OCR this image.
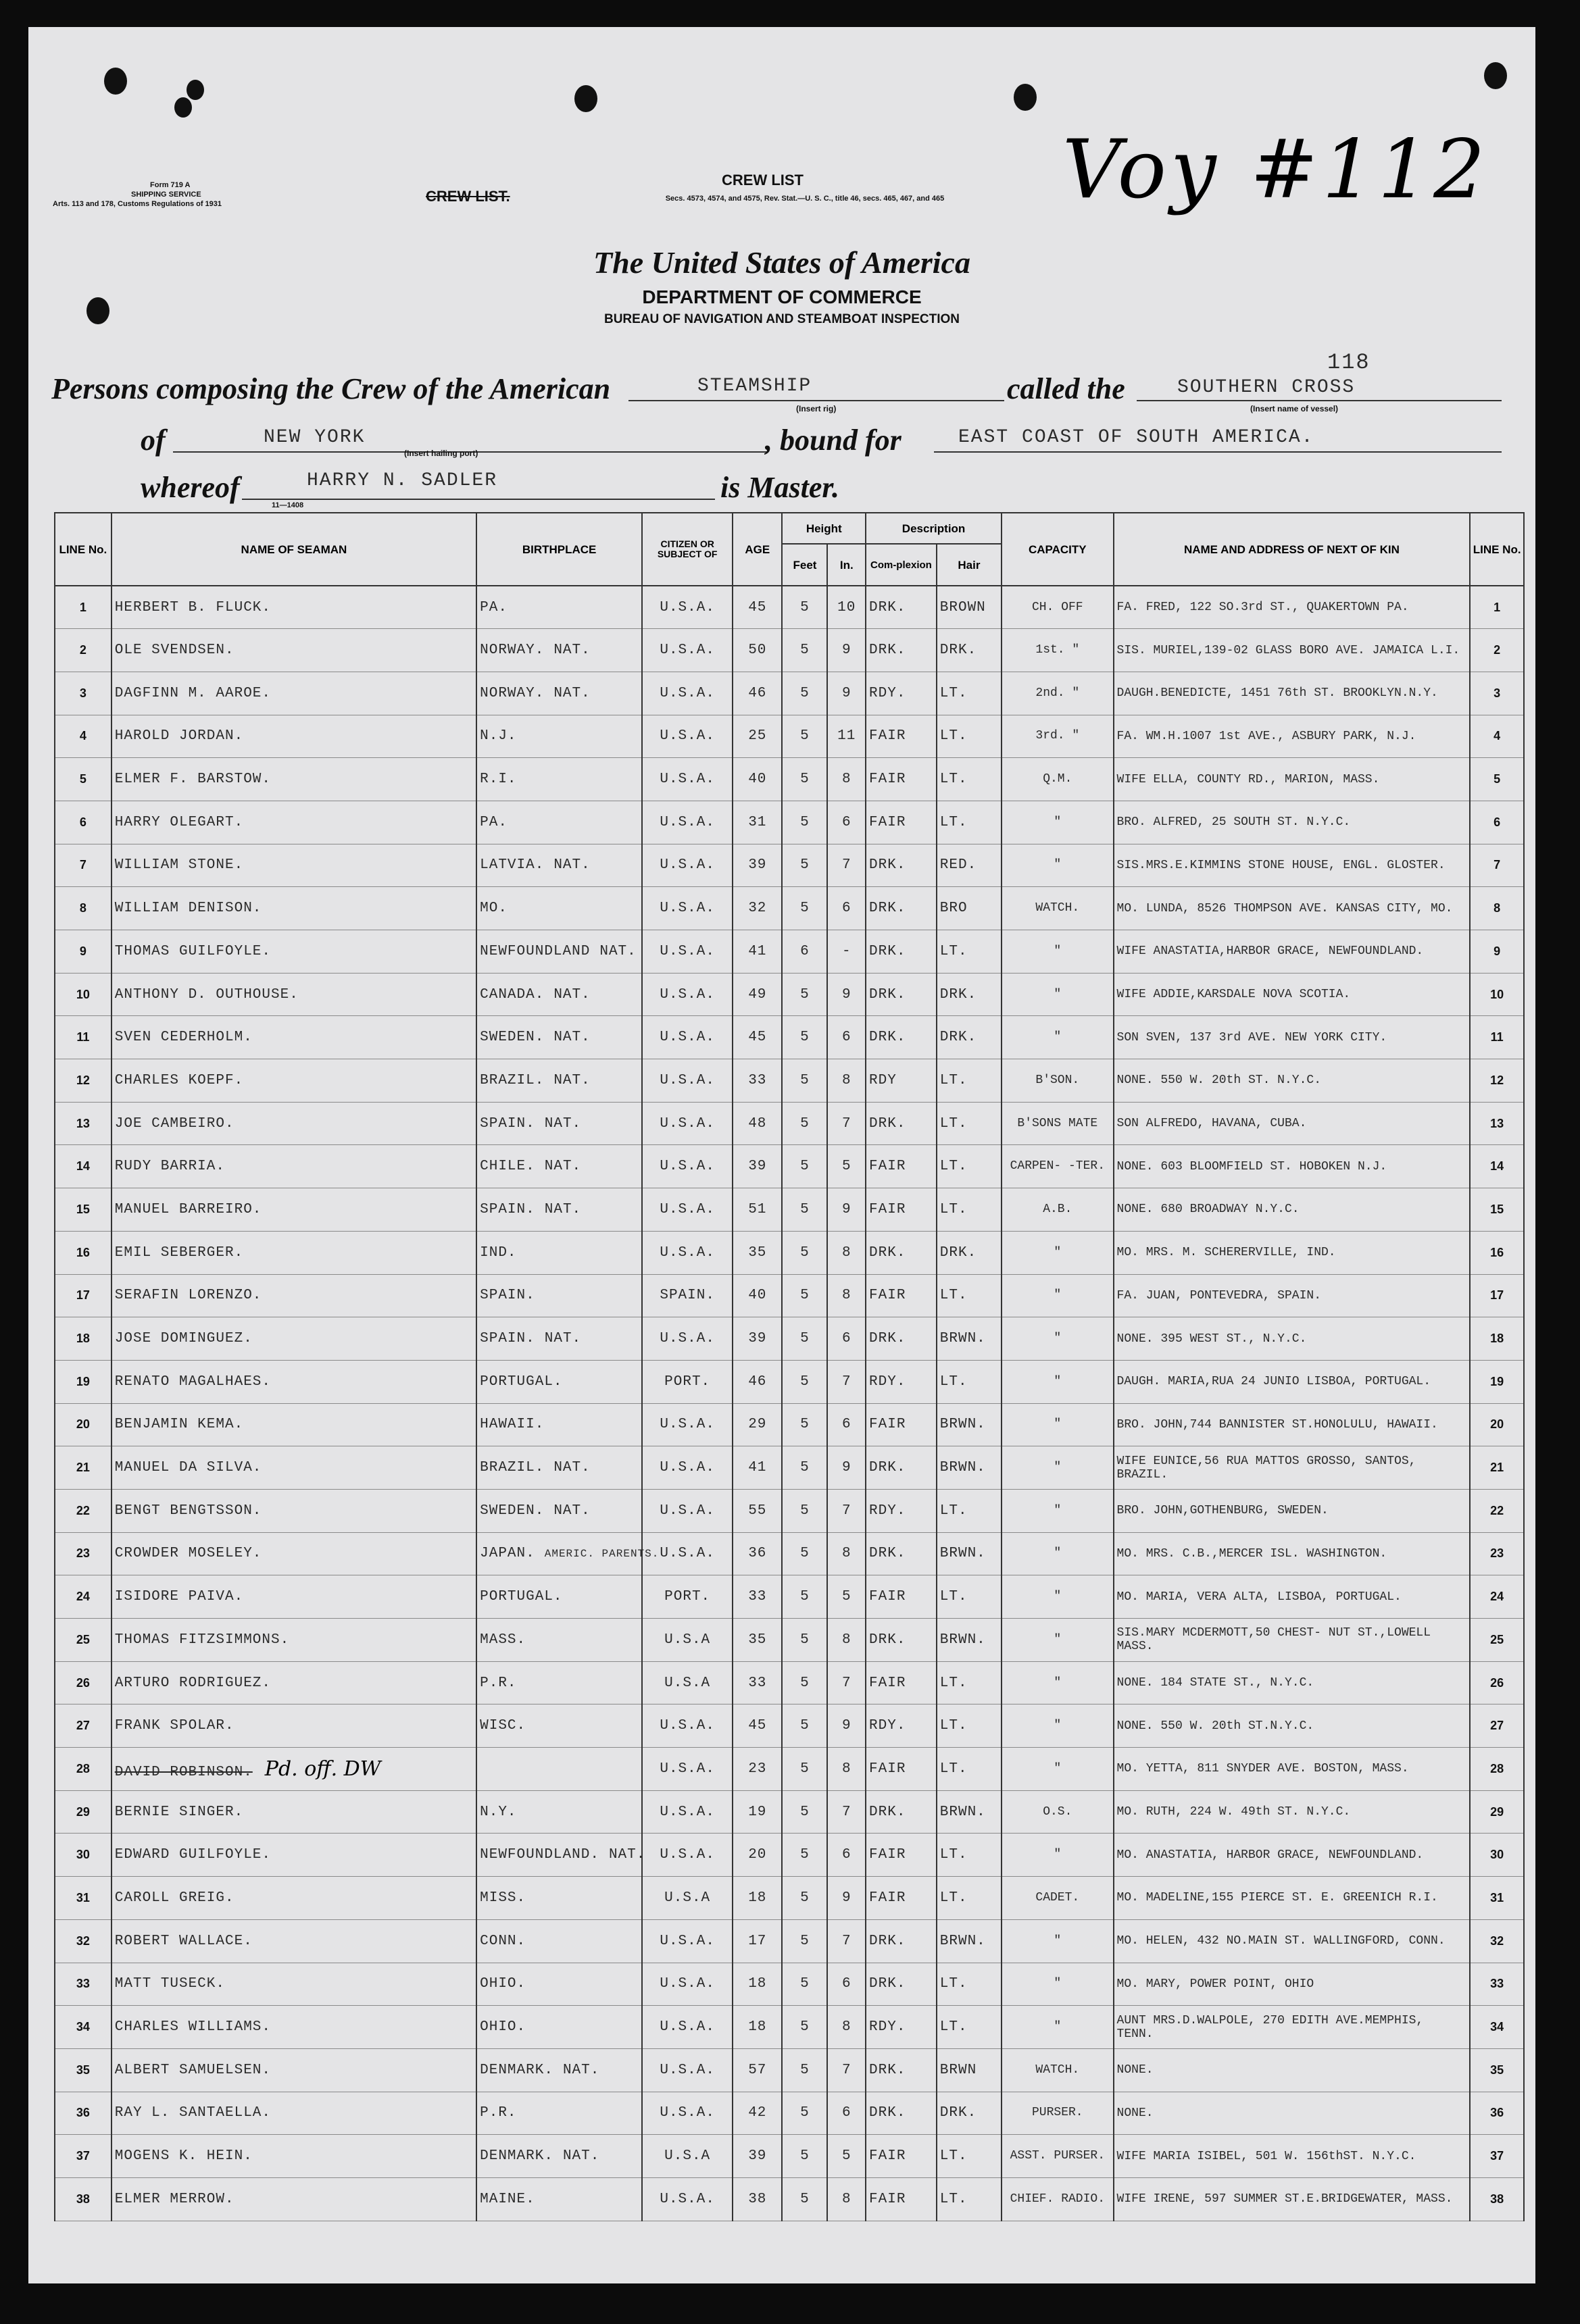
Form 719 A
SHIPPING SERVICE
Arts. 113 and 178, Customs Regulations of 1931	CREW LIST.
CREW LIST
Secs. 4573, 4574, and 4575, Rev. Stat.—U. S. C., title 46, secs. 465, 467, and 465 Voy #112
The United States of America
DEPARTMENT OF COMMERCE
BUREAU OF NAVIGATION AND STEAMBOAT INSPECTION
Persons composing the Crew of the American	STEAMSHIP
(Insert rig)
called the	SOUTHERN CROSS
118
(Insert name of vessel)
of	NEW YORK
(Insert hailing port)	, bound for	EAST COAST OF SOUTH AMERICA.
whereof	HARRY N. SADLER	is Master.
11—1408
LINE No.	NAME OF SEAMAN	BIRTHPLACE	CITIZEN OR SUBJECT OF	AGE	Height		Description		CAPACITY	NAME AND ADDRESS OF NEXT OF KIN	LINE No.
					Feet	In.	Com-plexion	Hair			
1	HERBERT B. FLUCK.	PA.	U.S.A.	45	5	10	DRK.	BROWN	CH. OFF	FA. FRED, 122 SO.3rd ST., QUAKERTOWN PA.	1
2	OLE SVENDSEN.	NORWAY. NAT.	U.S.A.	50	5	9	DRK.	DRK.	1st. "	SIS. MURIEL,139-02 GLASS BORO AVE. JAMAICA L.I.	2
3	DAGFINN M. AAROE.	NORWAY. NAT.	U.S.A.	46	5	9	RDY.	LT.	2nd. "	DAUGH.BENEDICTE, 1451 76th ST. BROOKLYN.N.Y.	3
4	HAROLD JORDAN.	N.J.	U.S.A.	25	5	11	FAIR	LT.	3rd. "	FA. WM.H.1007 1st AVE., ASBURY PARK, N.J.	4
5	ELMER F. BARSTOW.	R.I.	U.S.A.	40	5	8	FAIR	LT.	Q.M.	WIFE ELLA, COUNTY RD., MARION, MASS.	5
6	HARRY OLEGART.	PA.	U.S.A.	31	5	6	FAIR	LT.	"	BRO. ALFRED, 25 SOUTH ST. N.Y.C.	6
7	WILLIAM STONE.	LATVIA. NAT.	U.S.A.	39	5	7	DRK.	RED.	"	SIS.MRS.E.KIMMINS STONE HOUSE, ENGL. GLOSTER.	7
8	WILLIAM DENISON.	MO.	U.S.A.	32	5	6	DRK.	BRO	WATCH.	MO. LUNDA, 8526 THOMPSON AVE. KANSAS CITY, MO.	8
9	THOMAS GUILFOYLE.	NEWFOUNDLAND NAT.	U.S.A.	41	6	-	DRK.	LT.	"	WIFE ANASTATIA,HARBOR GRACE, NEWFOUNDLAND.	9
10	ANTHONY D. OUTHOUSE.	CANADA. NAT.	U.S.A.	49	5	9	DRK.	DRK.	"	WIFE ADDIE,KARSDALE NOVA SCOTIA.	10
11	SVEN CEDERHOLM.	SWEDEN. NAT.	U.S.A.	45	5	6	DRK.	DRK.	"	SON SVEN, 137 3rd AVE. NEW YORK CITY.	11
12	CHARLES KOEPF.	BRAZIL. NAT.	U.S.A.	33	5	8	RDY	LT.	B'SON.	NONE. 550 W. 20th ST. N.Y.C.	12
13	JOE CAMBEIRO.	SPAIN. NAT.	U.S.A.	48	5	7	DRK.	LT.	B'SONS MATE	SON ALFREDO, HAVANA, CUBA.	13
14	RUDY BARRIA.	CHILE. NAT.	U.S.A.	39	5	5	FAIR	LT.	CARPEN- -TER.	NONE. 603 BLOOMFIELD ST. HOBOKEN N.J.	14
15	MANUEL BARREIRO.	SPAIN. NAT.	U.S.A.	51	5	9	FAIR	LT.	A.B.	NONE. 680 BROADWAY N.Y.C.	15
16	EMIL SEBERGER.	IND.	U.S.A.	35	5	8	DRK.	DRK.	"	MO. MRS. M. SCHERERVILLE, IND.	16
17	SERAFIN LORENZO.	SPAIN.	SPAIN.	40	5	8	FAIR	LT.	"	FA. JUAN, PONTEVEDRA, SPAIN.	17
18	JOSE DOMINGUEZ.	SPAIN. NAT.	U.S.A.	39	5	6	DRK.	BRWN.	"	NONE. 395 WEST ST., N.Y.C.	18
19	RENATO MAGALHAES.	PORTUGAL.	PORT.	46	5	7	RDY.	LT.	"	DAUGH. MARIA,RUA 24 JUNIO LISBOA, PORTUGAL.	19
20	BENJAMIN KEMA.	HAWAII.	U.S.A.	29	5	6	FAIR	BRWN.	"	BRO. JOHN,744 BANNISTER ST.HONOLULU, HAWAII.	20
21	MANUEL DA SILVA.	BRAZIL. NAT.	U.S.A.	41	5	9	DRK.	BRWN.	"	WIFE EUNICE,56 RUA MATTOS GROSSO, SANTOS, BRAZIL.	21
22	BENGT BENGTSSON.	SWEDEN. NAT.	U.S.A.	55	5	7	RDY.	LT.	"	BRO. JOHN,GOTHENBURG, SWEDEN.	22
23	CROWDER MOSELEY.	JAPAN. AMERIC. PARENTS.	U.S.A.	36	5	8	DRK.	BRWN.	"	MO. MRS. C.B.,MERCER ISL. WASHINGTON.	23
24	ISIDORE PAIVA.	PORTUGAL.	PORT.	33	5	5	FAIR	LT.	"	MO. MARIA, VERA ALTA, LISBOA, PORTUGAL.	24
25	THOMAS FITZSIMMONS.	MASS.	U.S.A	35	5	8	DRK.	BRWN.	"	SIS.MARY MCDERMOTT,50 CHEST- NUT ST.,LOWELL MASS.	25
26	ARTURO RODRIGUEZ.	P.R.	U.S.A	33	5	7	FAIR	LT.	"	NONE. 184 STATE ST., N.Y.C.	26
27	FRANK SPOLAR.	WISC.	U.S.A.	45	5	9	RDY.	LT.	"	NONE. 550 W. 20th ST.N.Y.C.	27
28	DAVID ROBINSON. Pd. off. DW		U.S.A.	23	5	8	FAIR	LT.	"	MO. YETTA, 811 SNYDER AVE. BOSTON, MASS.	28
29	BERNIE SINGER.	N.Y.	U.S.A.	19	5	7	DRK.	BRWN.	O.S.	MO. RUTH, 224 W. 49th ST. N.Y.C.	29
30	EDWARD GUILFOYLE.	NEWFOUNDLAND. NAT.	U.S.A.	20	5	6	FAIR	LT.	"	MO. ANASTATIA, HARBOR GRACE, NEWFOUNDLAND.	30
31	CAROLL GREIG.	MISS.	U.S.A	18	5	9	FAIR	LT.	CADET.	MO. MADELINE,155 PIERCE ST. E. GREENICH R.I.	31
32	ROBERT WALLACE.	CONN.	U.S.A.	17	5	7	DRK.	BRWN.	"	MO. HELEN, 432 NO.MAIN ST. WALLINGFORD, CONN.	32
33	MATT TUSECK.	OHIO.	U.S.A.	18	5	6	DRK.	LT.	"	MO. MARY, POWER POINT, OHIO	33
34	CHARLES WILLIAMS.	OHIO.	U.S.A.	18	5	8	RDY.	LT.	"	AUNT MRS.D.WALPOLE, 270 EDITH AVE.MEMPHIS, TENN.	34
35	ALBERT SAMUELSEN.	DENMARK. NAT.	U.S.A.	57	5	7	DRK.	BRWN	WATCH.	NONE.	35
36	RAY L. SANTAELLA.	P.R.	U.S.A.	42	5	6	DRK.	DRK.	PURSER.	NONE.	36
37	MOGENS K. HEIN.	DENMARK. NAT.	U.S.A	39	5	5	FAIR	LT.	ASST. PURSER.	WIFE MARIA ISIBEL, 501 W. 156thST. N.Y.C.	37
38	ELMER MERROW.	MAINE.	U.S.A.	38	5	8	FAIR	LT.	CHIEF. RADIO.	WIFE IRENE, 597 SUMMER ST.E.BRIDGEWATER, MASS.	38
